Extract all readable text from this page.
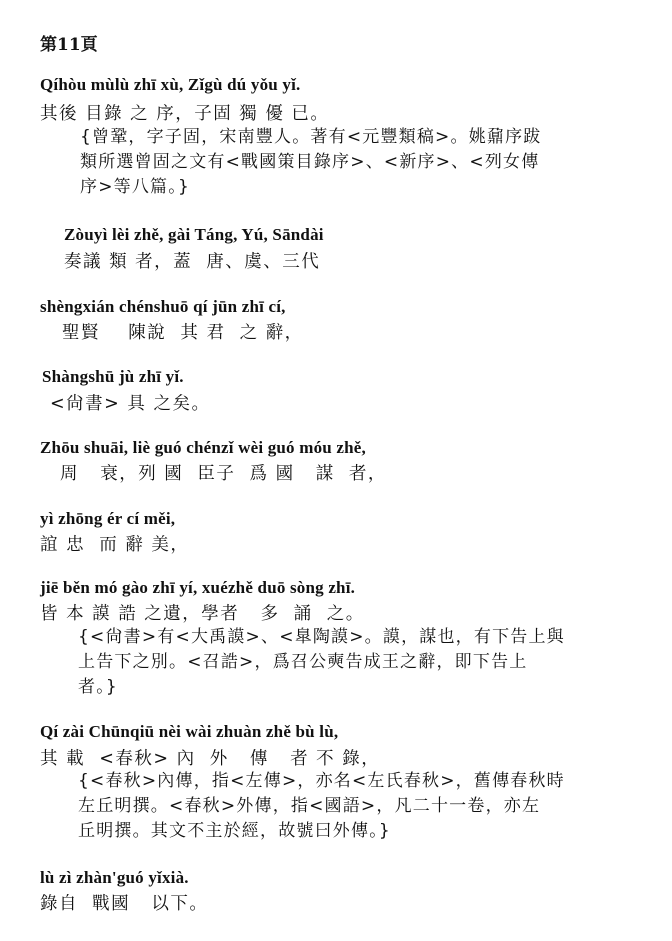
第11頁
Qíhòu mùlù zhī xù, Zǐgù dú yǒu yǐ.
其後 目錄 之 序，子固 獨 優 已。
{曾鞏，字子固，宋南豐人。著有<元豐類稿>。姚鼐序跋
類所選曾固之文有<戰國策目錄序>、<新序>、<列女傳
序>等八篇。}
Zòuyì lèi zhě, gài Táng, Yú, Sāndài
奏議 類 者，蓋  唐、虞、三代
shèngxián chénshuō qí jūn zhī cí,
聖賢    陳說  其 君  之 辭，
Shàngshū jù zhī yǐ.
<尙書> 具 之矣。
Zhōu shuāi, liè guó chénzǐ wèi guó móu zhě,
周   衰，列 國  臣子  爲 國   謀  者，
yì zhōng ér cí měi,
誼 忠  而 辭 美，
jiē běn mó gào zhī yí, xuézhě duō sòng zhī.
皆 本 謨 誥 之遺，學者   多  誦  之。
{<尙書>有<大禹謨>、<臯陶謨>。謨，謀也，有下告上與
上告下之別。<召誥>，爲召公奭告成王之辭，即下告上
者。}
Qí zài Chūnqiū nèi wài zhuàn zhě bù lù,
其 載  <春秋> 內  外   傳   者 不 錄，
{<春秋>內傳，指<左傳>，亦名<左氏春秋>，舊傳春秋時
左丘明撰。<春秋>外傳，指<國語>，凡二十一卷，亦左
丘明撰。其文不主於經，故號曰外傳。}
lù zì zhàn'guó yǐxià.
錄自  戰國   以下。
